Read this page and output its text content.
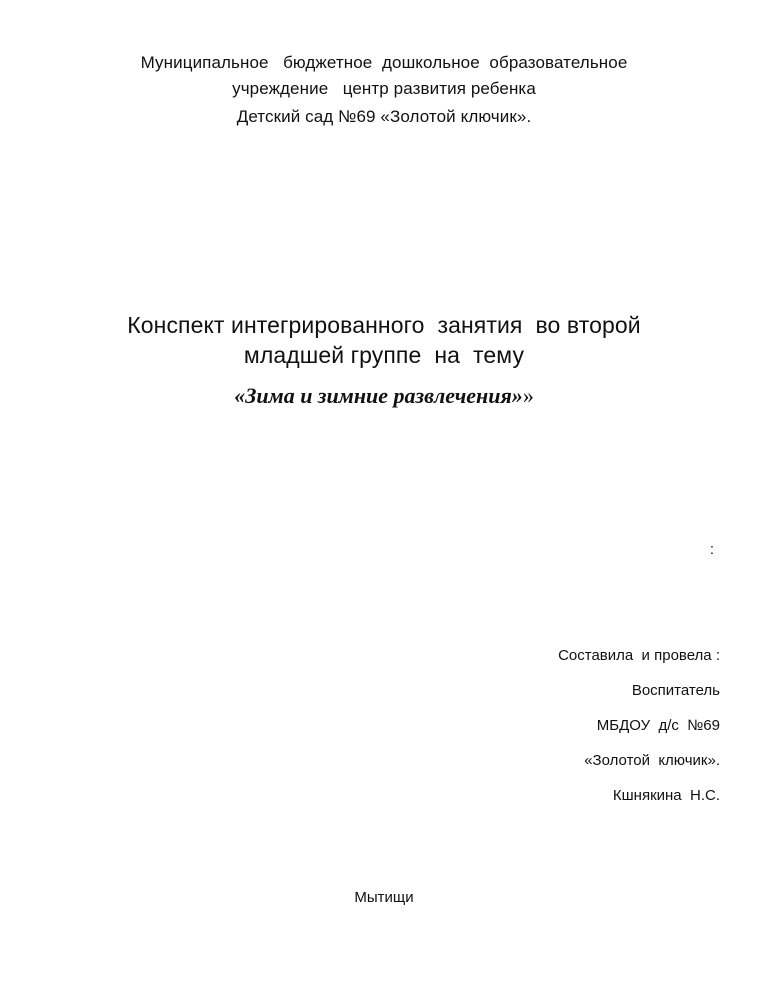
Муниципальное   бюджетное  дошкольное  образовательное
учреждение   центр развития ребенка
Детский сад №69 «Золотой ключик».
Конспект интегрированного  занятия  во второй
младшей группе  на  тему
«Зима и зимние развлечения»»
:
Составила  и провела :
Воспитатель
МБДОУ  д/с  №69
«Золотой  ключик».
Кшнякина  Н.С.
Мытищи
